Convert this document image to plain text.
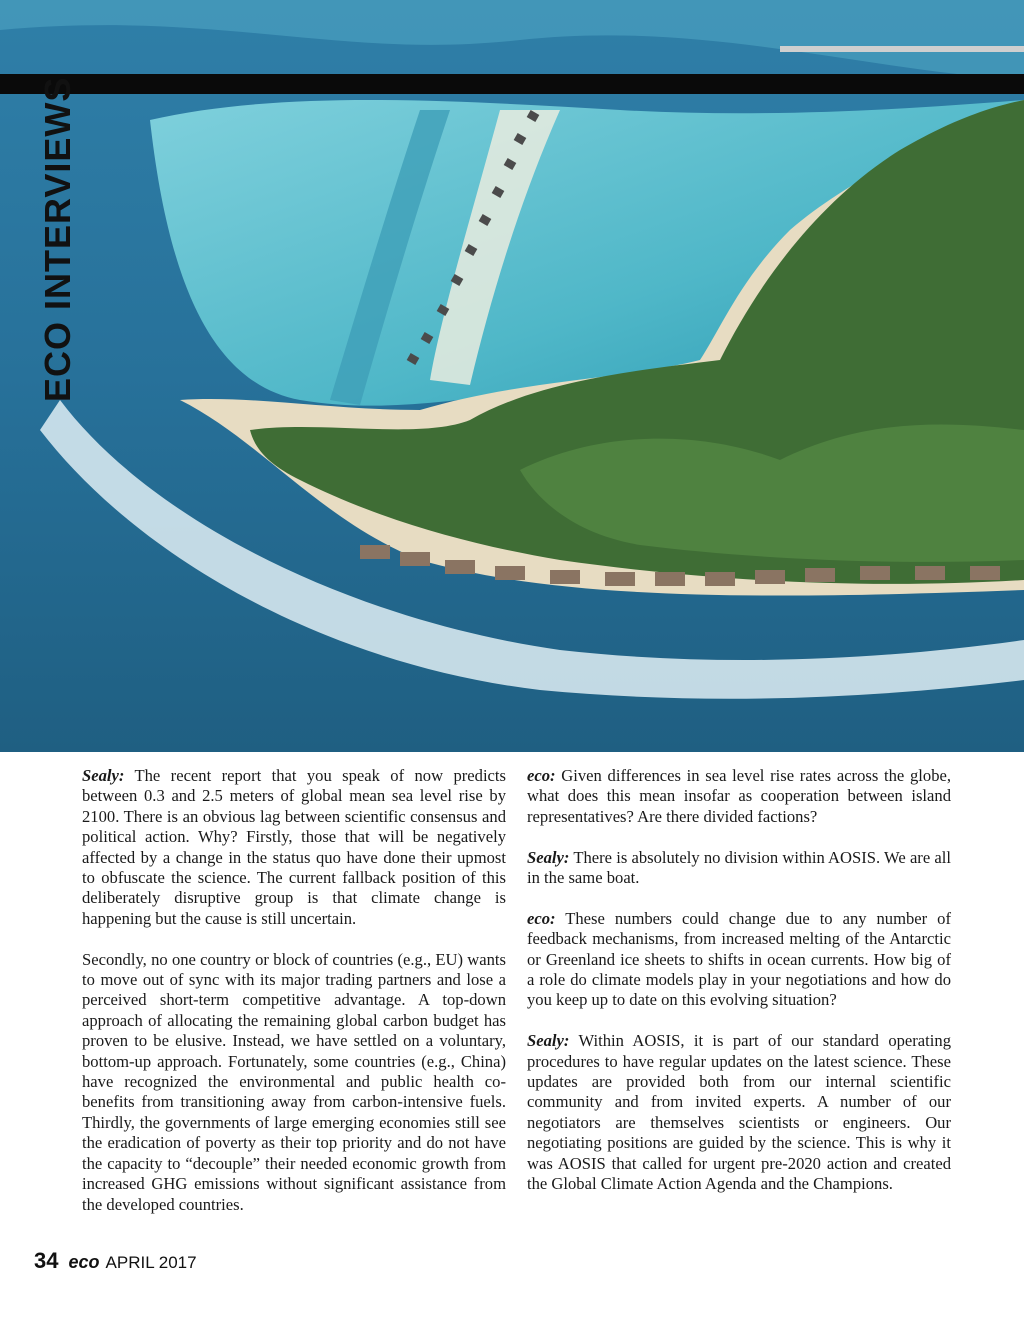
ECO INTERVIEWS

Sealy: The recent report that you speak of now predicts between 0.3 and 2.5 meters of global mean sea level rise by 2100. There is an obvious lag between scientific consensus and political action. Why? Firstly, those that will be negatively affected by a change in the status quo have done their upmost to obfuscate the science. The current fallback position of this deliberately disruptive group is that climate change is happening but the cause is still uncertain.

Secondly, no one country or block of countries (e.g., EU) wants to move out of sync with its major trading partners and lose a perceived short-term competitive advantage. A top-down approach of allocating the remaining global carbon budget has proven to be elusive. Instead, we have settled on a voluntary, bottom-up approach. Fortunately, some countries (e.g., China) have recognized the environmental and public health co-benefits from transitioning away from carbon-intensive fuels. Thirdly, the governments of large emerging economies still see the eradication of poverty as their top priority and do not have the capacity to “decouple” their needed economic growth from increased GHG emissions without significant assistance from the developed countries.

eco: Given differences in sea level rise rates across the globe, what does this mean insofar as cooperation between island representatives? Are there divided factions?

Sealy: There is absolutely no division within AOSIS. We are all in the same boat.

eco: These numbers could change due to any number of feedback mechanisms, from increased melting of the Antarctic or Greenland ice sheets to shifts in ocean currents. How big of a role do climate models play in your negotiations and how do you keep up to date on this evolving situation?

Sealy: Within AOSIS, it is part of our standard operating procedures to have regular updates on the latest science. These updates are provided both from our internal scientific community and from invited experts. A number of our negotiators are themselves scientists or engineers. Our negotiating positions are guided by the science. This is why it was AOSIS that called for urgent pre-2020 action and created the Global Climate Action Agenda and the Champions.

34 eco APRIL 2017
